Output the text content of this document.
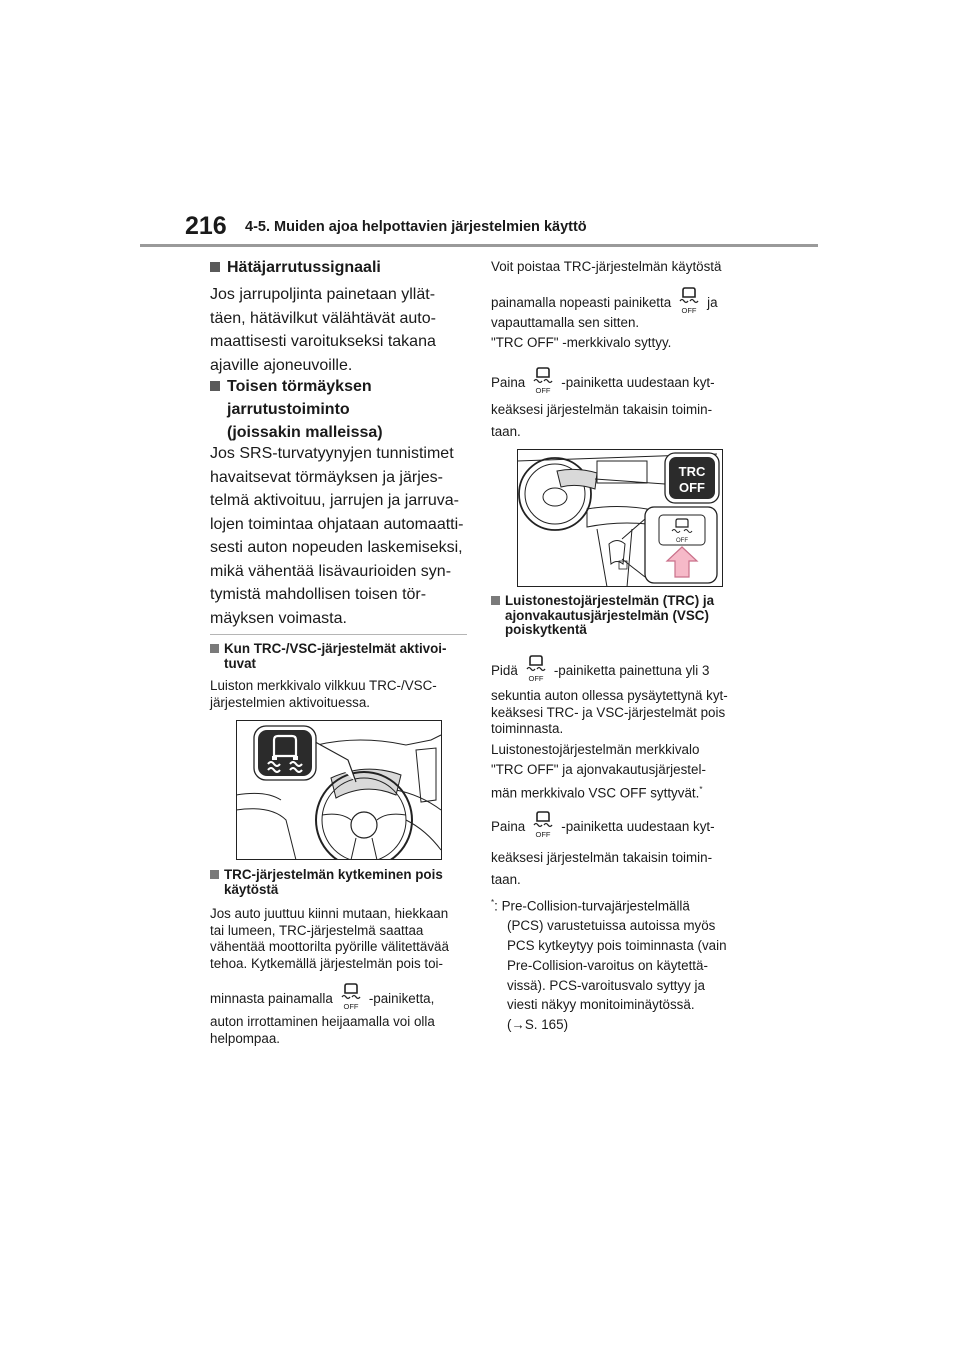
216 4-5. Muiden ajoa helpottavien järjestelmien käyttö
Hätäjarrutussignaali
Jos jarrupoljinta painetaan yllät-
täen, hätävilkut välähtävät auto-
maattisesti varoitukseksi takana
ajaville ajoneuvoille.
Toisen törmäyksen
jarrutustoiminto
(joissakin malleissa)
Jos SRS-turvatyynyjen tunnistimet
havaitsevat törmäyksen ja järjes-
telmä aktivoituu, jarrujen ja jarruva-
lojen toimintaa ohjataan automaatti-
sesti auton nopeuden laskemiseksi,
mikä vähentää lisävaurioiden syn-
tymistä mahdollisen toisen tör-
mäyksen voimasta.
Kun TRC-/VSC-järjestelmät aktivoi-
tuvat
Luiston merkkivalo vilkkuu TRC-/VSC-
järjestelmien aktivoituessa.
TRC-järjestelmän kytkeminen pois
käytöstä
Jos auto juuttuu kiinni mutaan, hiekkaan
tai lumeen, TRC-järjestelmä saattaa
vähentää moottorilta pyörille välitettävää
tehoa. Kytkemällä järjestelmän pois toi-
minnasta painamalla
OFF
-painiketta,
auton irrottaminen heijaamalla voi olla
helpompaa.
Voit poistaa TRC-järjestelmän käytöstä
painamalla nopeasti painiketta
OFF
ja
vapauttamalla sen sitten.
"TRC OFF" -merkkivalo syttyy.
Paina
OFF
-painiketta uudestaan kyt-
keäksesi järjestelmän takaisin toimin-
taan.
TRC
OFF
OFF
Luistonestojärjestelmän (TRC) ja
ajonvakautusjärjestelmän (VSC)
poiskytkentä
Pidä
OFF
-painiketta painettuna yli 3
sekuntia auton ollessa pysäytettynä kyt-
keäksesi TRC- ja VSC-järjestelmät pois
toiminnasta.
Luistonestojärjestelmän merkkivalo
"TRC OFF" ja ajonvakautusjärjestel-
män merkkivalo VSC OFF syttyvät.*
Paina
OFF
-painiketta uudestaan kyt-
keäksesi järjestelmän takaisin toimin-
taan.
*: Pre-Collision-turvajärjestelmällä
(PCS) varustetuissa autoissa myös
PCS kytkeytyy pois toiminnasta (vain
Pre-Collision-varoitus on käytettä-
vissä). PCS-varoitusvalo syttyy ja
viesti näkyy monitoiminäytössä.
(→S. 165)
